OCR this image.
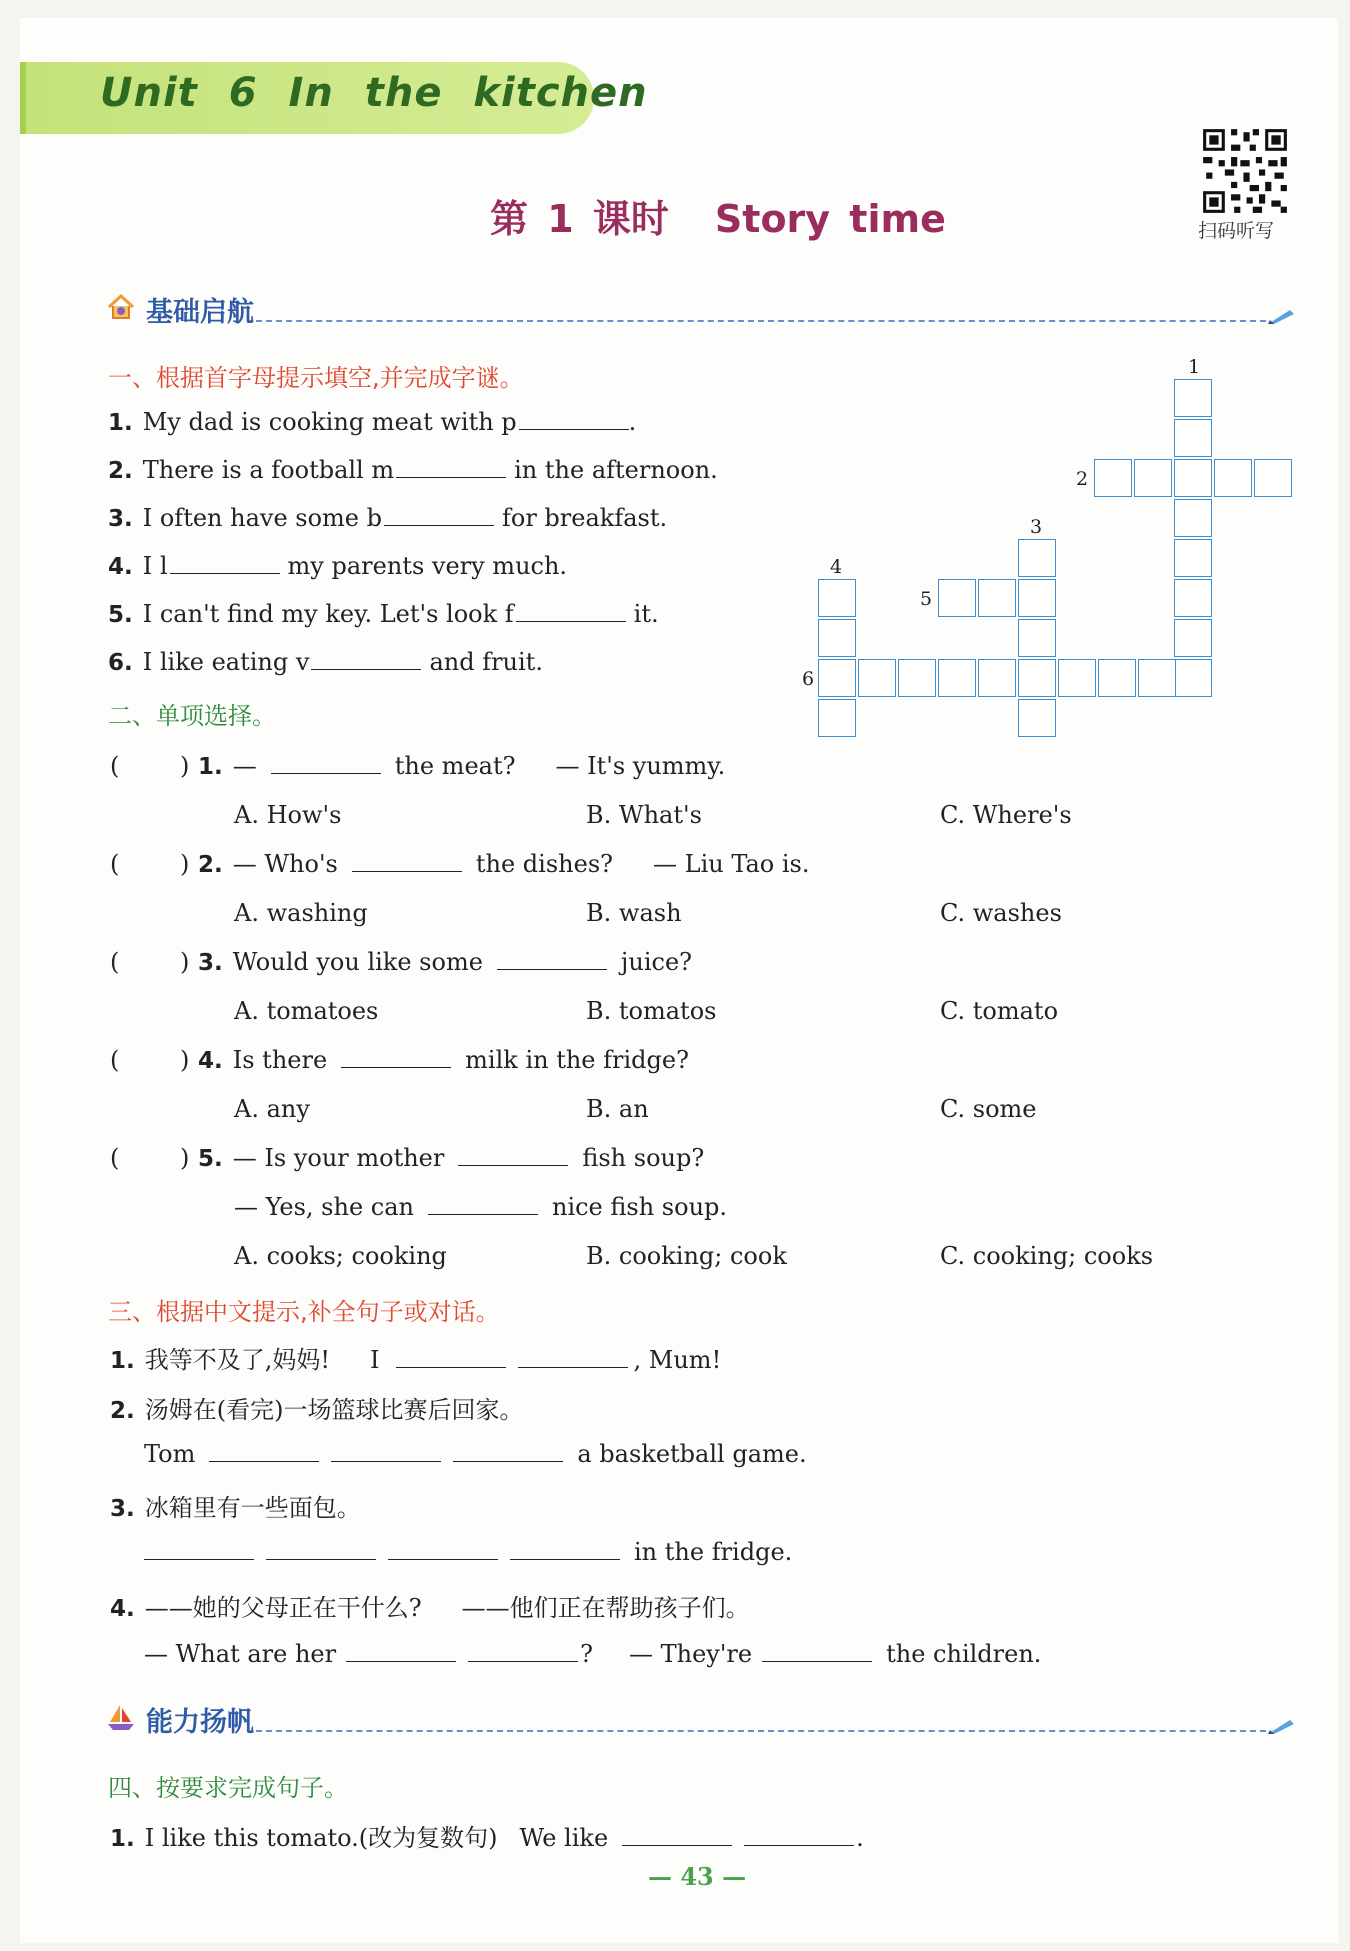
Unit 6 In the kitchen
第 1 课时 Story time	扫码听写
基础启航
一、根据首字母提示填空,并完成字谜。
1. My dad is cooking meat with p	.
2. There is a football m	in the afternoon.
3. I often have some b	for breakfast.
4. I l	my parents very much.
5. I can't find my key. Let's look f	it.
6. I like eating v	and fruit.
1
2
3
4
5
6
二、单项选择。
(	) 1. —	the meat? — It's yummy.
A. How's	B. What's	C. Where's
(	) 2. — Who's	the dishes? — Liu Tao is.
A. washing	B. wash	C. washes
(	) 3. Would you like some	juice?
A. tomatoes	B. tomatos	C. tomato
(	) 4. Is there	milk in the fridge?
A. any	B. an	C. some
(	) 5. — Is your mother	fish soup?
— Yes, she can	nice fish soup.
A. cooks; cooking	B. cooking; cook	C. cooking; cooks
三、根据中文提示,补全句子或对话。
1. 我等不及了,妈妈! I	, Mum!
2. 汤姆在(看完)一场篮球比赛后回家。
Tom	a basketball game.
3. 冰箱里有一些面包。
in the fridge.
4. ——她的父母正在干什么? ——他们正在帮助孩子们。
— What are her	? — They're	the children.
能力扬帆
四、按要求完成句子。
1. I like this tomato.(改为复数句) We like	.
— 43 —
